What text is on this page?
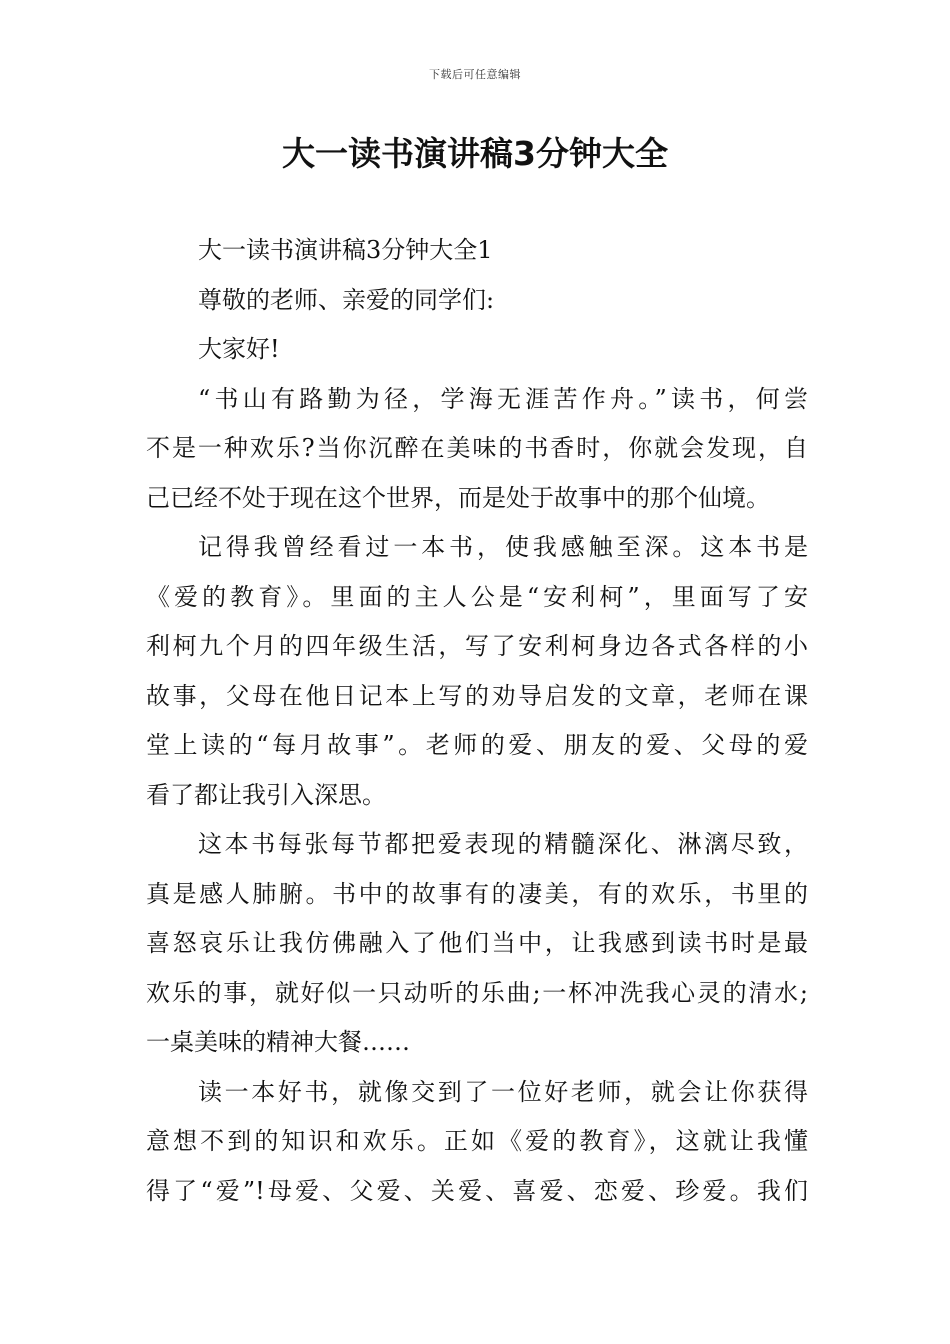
下载后可任意编辑
大一读书演讲稿3分钟大全
大一读书演讲稿3分钟大全1
尊敬的老师、亲爱的同学们:
大家好!
“书山有路勤为径，学海无涯苦作舟。”读书，何尝
不是一种欢乐?当你沉醉在美味的书香时，你就会发现，自
己已经不处于现在这个世界，而是处于故事中的那个仙境。
记得我曾经看过一本书，使我感触至深。这本书是
《爱的教育》。里面的主人公是“安利柯”，里面写了安
利柯九个月的四年级生活，写了安利柯身边各式各样的小
故事，父母在他日记本上写的劝导启发的文章，老师在课
堂上读的“每月故事”。老师的爱、朋友的爱、父母的爱
看了都让我引入深思。
这本书每张每节都把爱表现的精髓深化、淋漓尽致，
真是感人肺腑。书中的故事有的凄美，有的欢乐，书里的
喜怒哀乐让我仿佛融入了他们当中，让我感到读书时是最
欢乐的事，就好似一只动听的乐曲;一杯冲洗我心灵的清水;
一桌美味的精神大餐……
读一本好书，就像交到了一位好老师，就会让你获得
意想不到的知识和欢乐。正如《爱的教育》，这就让我懂
得了“爱”!母爱、父爱、关爱、喜爱、恋爱、珍爱。我们
